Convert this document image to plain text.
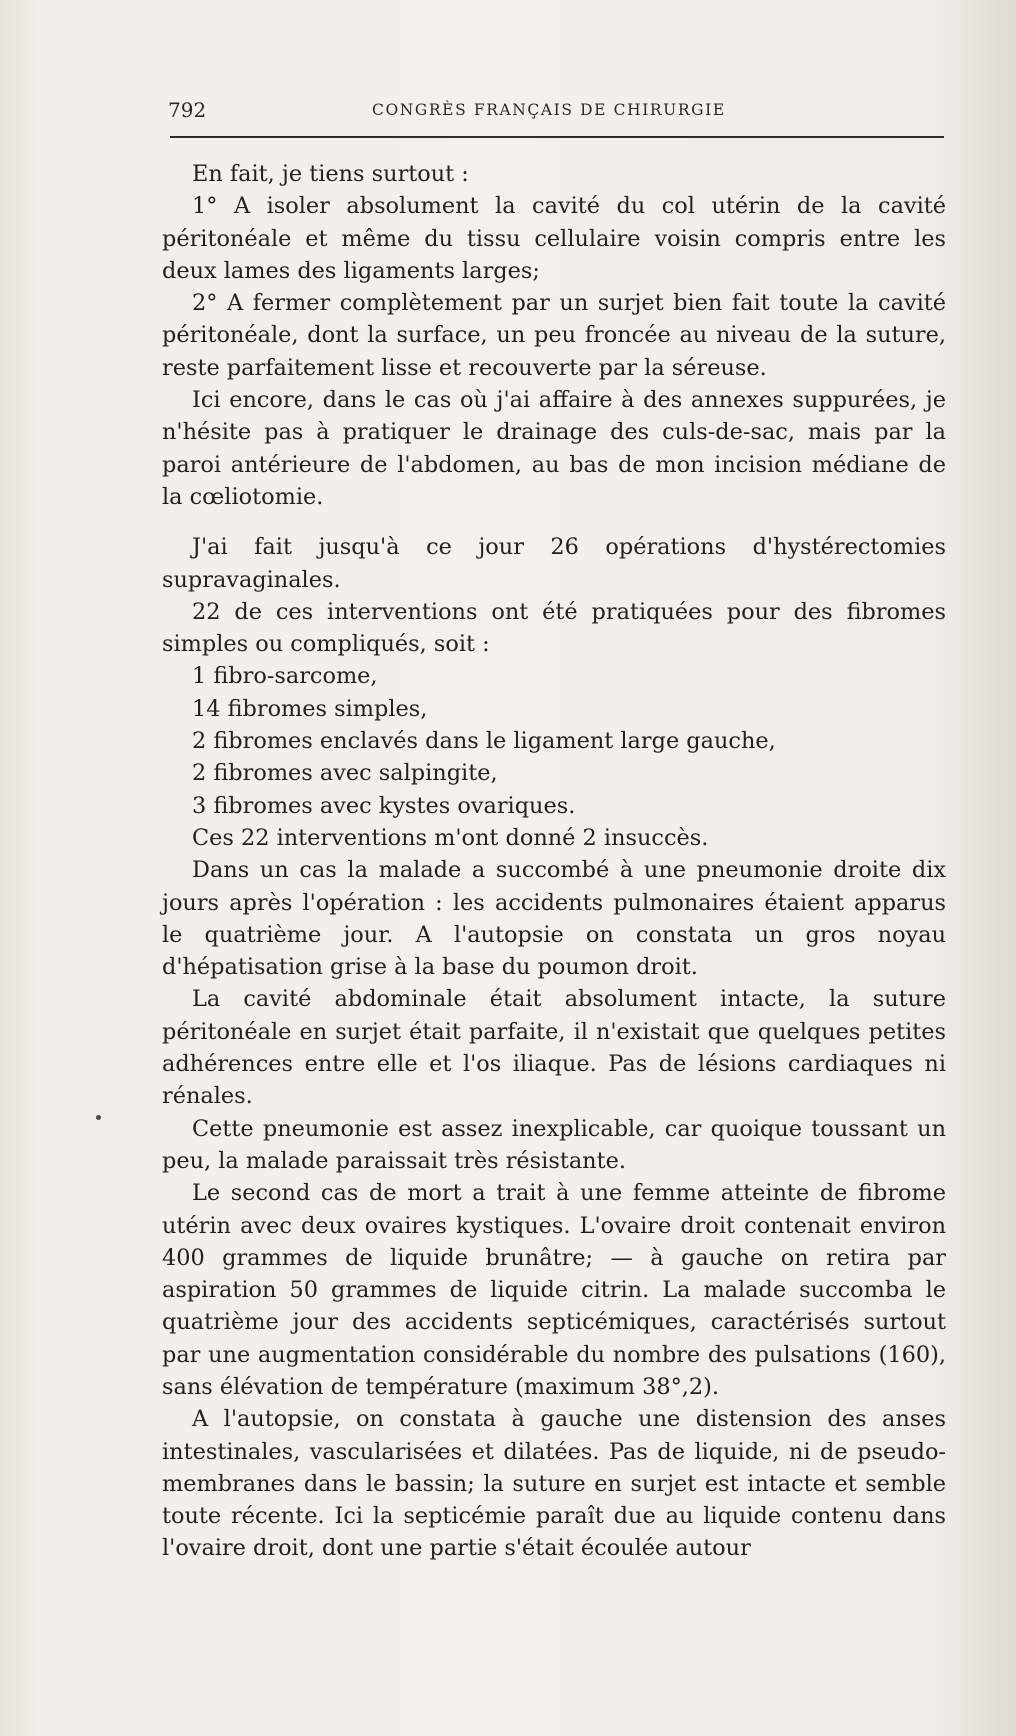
792	CONGRÈS FRANÇAIS DE CHIRURGIE

En fait, je tiens surtout :

1° A isoler absolument la cavité du col utérin de la cavité péritonéale et même du tissu cellulaire voisin compris entre les deux lames des ligaments larges;

2° A fermer complètement par un surjet bien fait toute la cavité péritonéale, dont la surface, un peu froncée au niveau de la suture, reste parfaitement lisse et recouverte par la séreuse.

Ici encore, dans le cas où j'ai affaire à des annexes suppurées, je n'hésite pas à pratiquer le drainage des culs-de-sac, mais par la paroi antérieure de l'abdomen, au bas de mon incision médiane de la cœliotomie.

J'ai fait jusqu'à ce jour 26 opérations d'hystérectomies supravaginales.

22 de ces interventions ont été pratiquées pour des fibromes simples ou compliqués, soit :

1 fibro-sarcome,

14 fibromes simples,

2 fibromes enclavés dans le ligament large gauche,

2 fibromes avec salpingite,

3 fibromes avec kystes ovariques.

Ces 22 interventions m'ont donné 2 insuccès.

Dans un cas la malade a succombé à une pneumonie droite dix jours après l'opération : les accidents pulmonaires étaient apparus le quatrième jour. A l'autopsie on constata un gros noyau d'hépatisation grise à la base du poumon droit.

La cavité abdominale était absolument intacte, la suture péritonéale en surjet était parfaite, il n'existait que quelques petites adhérences entre elle et l'os iliaque. Pas de lésions cardiaques ni rénales.

Cette pneumonie est assez inexplicable, car quoique toussant un peu, la malade paraissait très résistante.

Le second cas de mort a trait à une femme atteinte de fibrome utérin avec deux ovaires kystiques. L'ovaire droit contenait environ 400 grammes de liquide brunâtre; — à gauche on retira par aspiration 50 grammes de liquide citrin. La malade succomba le quatrième jour des accidents septicémiques, caractérisés surtout par une augmentation considérable du nombre des pulsations (160), sans élévation de température (maximum 38°,2).

A l'autopsie, on constata à gauche une distension des anses intestinales, vascularisées et dilatées. Pas de liquide, ni de pseudo-membranes dans le bassin; la suture en surjet est intacte et semble toute récente. Ici la septicémie paraît due au liquide contenu dans l'ovaire droit, dont une partie s'était écoulée autour
